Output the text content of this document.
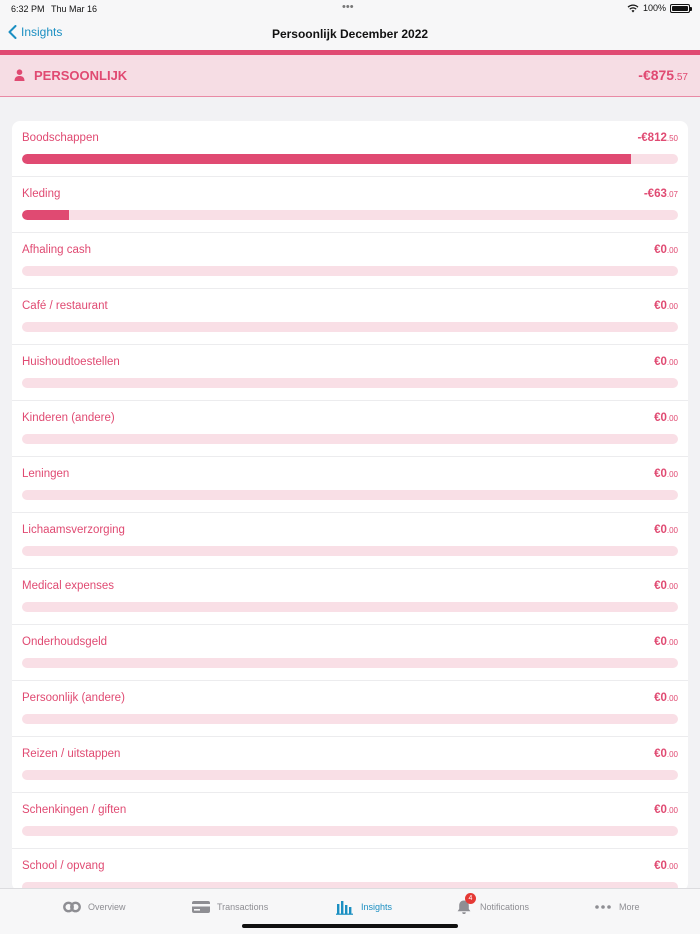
6:32 PM Thu Mar 16	•••	100%
Insights	Persoonlijk December 2022
PERSOONLIJK	-€875.57
Boodschappen	-€812.50
Kleding	-€63.07
Afhaling cash	€0.00
Café / restaurant	€0.00
Huishoudtoestellen	€0.00
Kinderen (andere)	€0.00
Leningen	€0.00
Lichaamsverzorging	€0.00
Medical expenses	€0.00
Onderhoudsgeld	€0.00
Persoonlijk (andere)	€0.00
Reizen / uitstappen	€0.00
Schenkingen / giften	€0.00
School / opvang	€0.00
Overview	Transactions	Insights
4
Notifications	More
